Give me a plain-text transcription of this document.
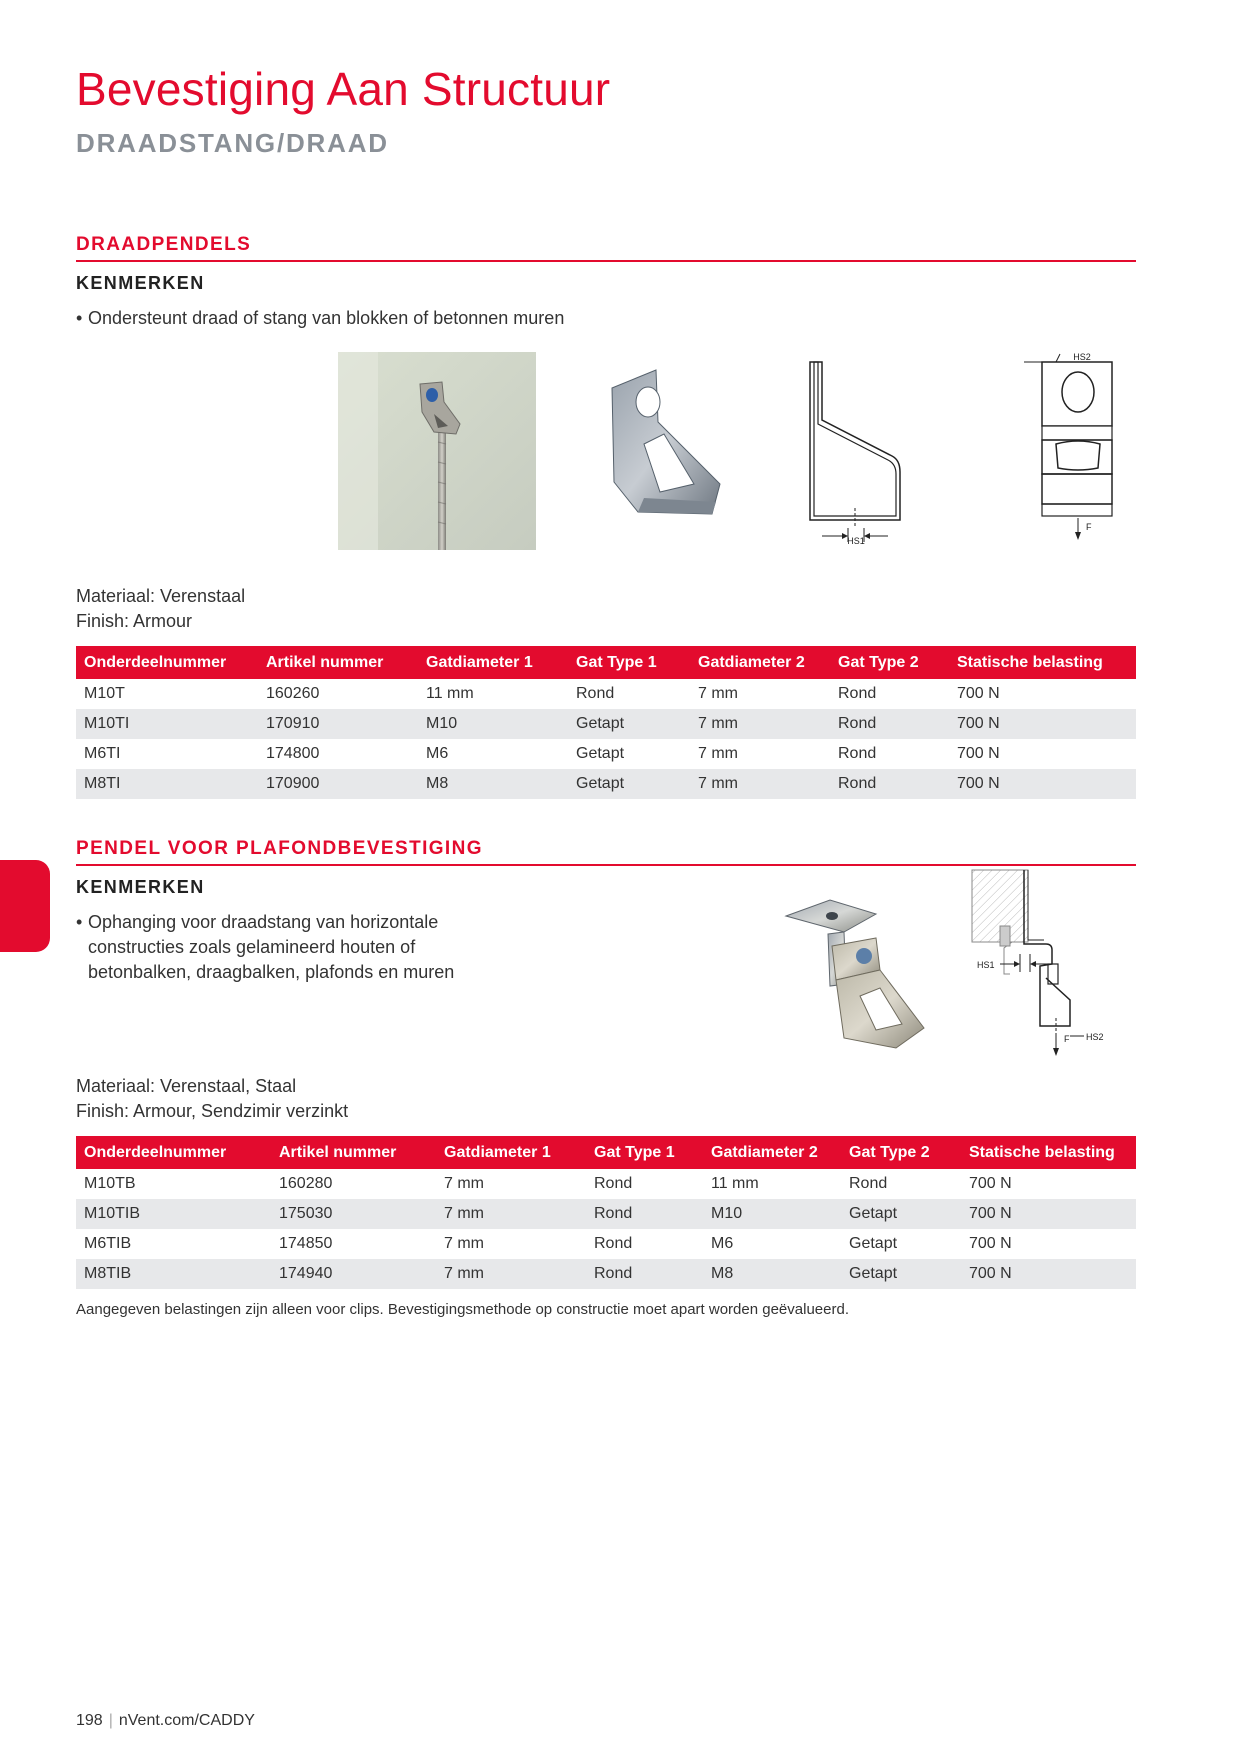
Bevestiging Aan Structuur
DRAADSTANG/DRAAD
DRAADPENDELS
KENMERKEN
• Ondersteunt draad of stang van blokken of betonnen muren
HS1
HS2
F
Materiaal: Verenstaal
Finish: Armour
Onderdeelnummer	Artikel nummer	Gatdiameter 1	Gat Type 1	Gatdiameter 2	Gat Type 2	Statische belasting
M10T	160260	11 mm	Rond	7 mm	Rond	700 N
M10TI	170910	M10	Getapt	7 mm	Rond	700 N
M6TI	174800	M6	Getapt	7 mm	Rond	700 N
M8TI	170900	M8	Getapt	7 mm	Rond	700 N
PENDEL VOOR PLAFONDBEVESTIGING
KENMERKEN
• Ophanging voor draadstang van horizontale
constructies zoals gelamineerd houten of
betonbalken, draagbalken, plafonds en muren	HS1
F HS2
Materiaal: Verenstaal, Staal
Finish: Armour, Sendzimir verzinkt
Onderdeelnummer	Artikel nummer	Gatdiameter 1	Gat Type 1	Gatdiameter 2	Gat Type 2	Statische belasting
M10TB	160280	7 mm	Rond	11 mm	Rond	700 N
M10TIB	175030	7 mm	Rond	M10	Getapt	700 N
M6TIB	174850	7 mm	Rond	M6	Getapt	700 N
M8TIB	174940	7 mm	Rond	M8	Getapt	700 N
Aangegeven belastingen zijn alleen voor clips. Bevestigingsmethode op constructie moet apart worden geëvalueerd.
198 | nVent.com/CADDY
